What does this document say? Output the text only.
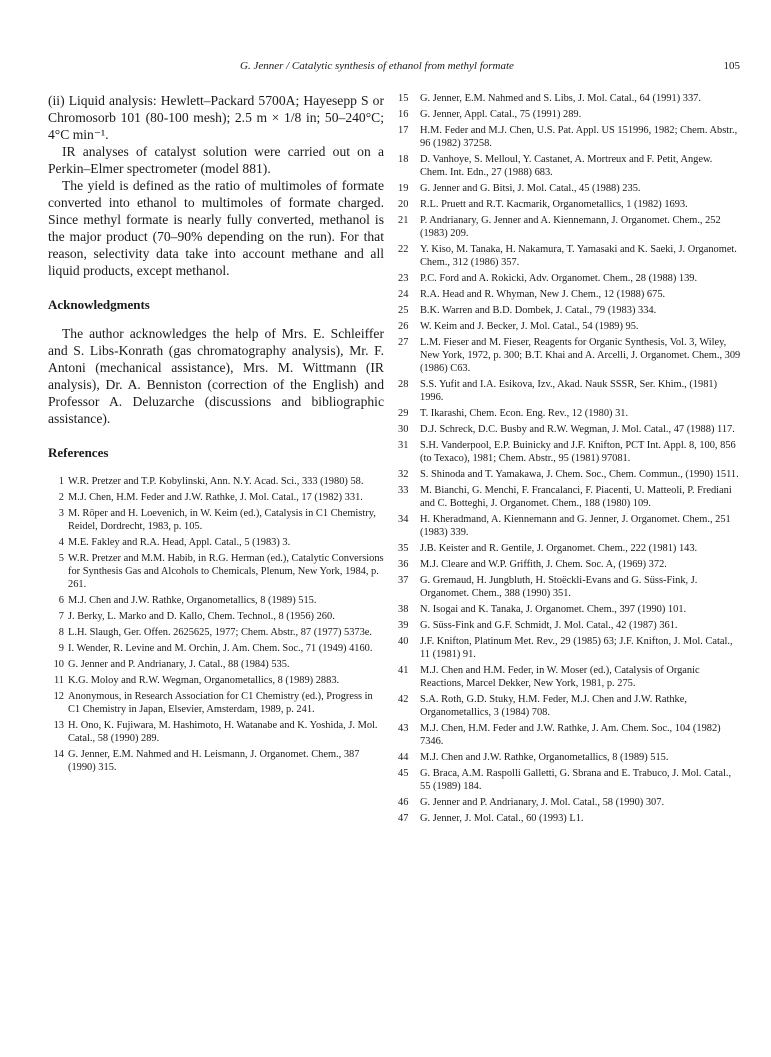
G. Jenner / Catalytic synthesis of ethanol from methyl formate	105

(ii) Liquid analysis: Hewlett–Packard 5700A; Hayesepp S or Chromosorb 101 (80-100 mesh); 2.5 m × 1/8 in; 50–240°C; 4°C min⁻¹.

IR analyses of catalyst solution were carried out on a Perkin–Elmer spectrometer (model 881).

The yield is defined as the ratio of multimoles of formate converted into ethanol to multimoles of formate charged. Since methyl formate is nearly fully converted, methanol is the major product (70–90% depending on the run). For that reason, selectivity data take into account methane and all liquid products, except methanol.

Acknowledgments

The author acknowledges the help of Mrs. E. Schleiffer and S. Libs-Konrath (gas chromatography analysis), Mr. F. Antoni (mechanical assistance), Mrs. M. Wittmann (IR analysis), Dr. A. Benniston (correction of the English) and Professor A. Deluzarche (discussions and bibliographic assistance).

References

1 W.R. Pretzer and T.P. Kobylinski, Ann. N.Y. Acad. Sci., 333 (1980) 58.
2 M.J. Chen, H.M. Feder and J.W. Rathke, J. Mol. Catal., 17 (1982) 331.
3 M. Röper and H. Loevenich, in W. Keim (ed.), Catalysis in C1 Chemistry, Reidel, Dordrecht, 1983, p. 105.
4 M.E. Fakley and R.A. Head, Appl. Catal., 5 (1983) 3.
5 W.R. Pretzer and M.M. Habib, in R.G. Herman (ed.), Catalytic Conversions for Synthesis Gas and Alcohols to Chemicals, Plenum, New York, 1984, p. 261.
6 M.J. Chen and J.W. Rathke, Organometallics, 8 (1989) 515.
7 J. Berky, L. Marko and D. Kallo, Chem. Technol., 8 (1956) 260.
8 L.H. Slaugh, Ger. Offen. 2625625, 1977; Chem. Abstr., 87 (1977) 5373e.
9 I. Wender, R. Levine and M. Orchin, J. Am. Chem. Soc., 71 (1949) 4160.
10 G. Jenner and P. Andrianary, J. Catal., 88 (1984) 535.
11 K.G. Moloy and R.W. Wegman, Organometallics, 8 (1989) 2883.
12 Anonymous, in Research Association for C1 Chemistry (ed.), Progress in C1 Chemistry in Japan, Elsevier, Amsterdam, 1989, p. 241.
13 H. Ono, K. Fujiwara, M. Hashimoto, H. Watanabe and K. Yoshida, J. Mol. Catal., 58 (1990) 289.
14 G. Jenner, E.M. Nahmed and H. Leismann, J. Organomet. Chem., 387 (1990) 315.
15	G. Jenner, E.M. Nahmed and S. Libs, J. Mol. Catal., 64 (1991) 337.
16	G. Jenner, Appl. Catal., 75 (1991) 289.
17	H.M. Feder and M.J. Chen, U.S. Pat. Appl. US 151996, 1982; Chem. Abstr., 96 (1982) 37258.
18	D. Vanhoye, S. Melloul, Y. Castanet, A. Mortreux and F. Petit, Angew. Chem. Int. Edn., 27 (1988) 683.
19	G. Jenner and G. Bitsi, J. Mol. Catal., 45 (1988) 235.
20	R.L. Pruett and R.T. Kacmarik, Organometallics, 1 (1982) 1693.
21	P. Andrianary, G. Jenner and A. Kiennemann, J. Organomet. Chem., 252 (1983) 209.
22	Y. Kiso, M. Tanaka, H. Nakamura, T. Yamasaki and K. Saeki, J. Organomet. Chem., 312 (1986) 357.
23	P.C. Ford and A. Rokicki, Adv. Organomet. Chem., 28 (1988) 139.
24	R.A. Head and R. Whyman, New J. Chem., 12 (1988) 675.
25	B.K. Warren and B.D. Dombek, J. Catal., 79 (1983) 334.
26	W. Keim and J. Becker, J. Mol. Catal., 54 (1989) 95.
27	L.M. Fieser and M. Fieser, Reagents for Organic Synthesis, Vol. 3, Wiley, New York, 1972, p. 300; B.T. Khai and A. Arcelli, J. Organomet. Chem., 309 (1986) C63.
28	S.S. Yufit and I.A. Esikova, Izv., Akad. Nauk SSSR, Ser. Khim., (1981) 1996.
29	T. Ikarashi, Chem. Econ. Eng. Rev., 12 (1980) 31.
30	D.J. Schreck, D.C. Busby and R.W. Wegman, J. Mol. Catal., 47 (1988) 117.
31	S.H. Vanderpool, E.P. Buinicky and J.F. Knifton, PCT Int. Appl. 8, 100, 856 (to Texaco), 1981; Chem. Abstr., 95 (1981) 97081.
32	S. Shinoda and T. Yamakawa, J. Chem. Soc., Chem. Commun., (1990) 1511.
33	M. Bianchi, G. Menchi, F. Francalanci, F. Piacenti, U. Matteoli, P. Frediani and C. Botteghi, J. Organomet. Chem., 188 (1980) 109.
34	H. Kheradmand, A. Kiennemann and G. Jenner, J. Organomet. Chem., 251 (1983) 339.
35	J.B. Keister and R. Gentile, J. Organomet. Chem., 222 (1981) 143.
36	M.J. Cleare and W.P. Griffith, J. Chem. Soc. A, (1969) 372.
37	G. Gremaud, H. Jungbluth, H. Stoëckli-Evans and G. Süss-Fink, J. Organomet. Chem., 388 (1990) 351.
38	N. Isogai and K. Tanaka, J. Organomet. Chem., 397 (1990) 101.
39	G. Süss-Fink and G.F. Schmidt, J. Mol. Catal., 42 (1987) 361.
40	J.F. Knifton, Platinum Met. Rev., 29 (1985) 63; J.F. Knifton, J. Mol. Catal., 11 (1981) 91.
41	M.J. Chen and H.M. Feder, in W. Moser (ed.), Catalysis of Organic Reactions, Marcel Dekker, New York, 1981, p. 275.
42	S.A. Roth, G.D. Stuky, H.M. Feder, M.J. Chen and J.W. Rathke, Organometallics, 3 (1984) 708.
43	M.J. Chen, H.M. Feder and J.W. Rathke, J. Am. Chem. Soc., 104 (1982) 7346.
44	M.J. Chen and J.W. Rathke, Organometallics, 8 (1989) 515.
45	G. Braca, A.M. Raspolli Galletti, G. Sbrana and E. Trabuco, J. Mol. Catal., 55 (1989) 184.
46	G. Jenner and P. Andrianary, J. Mol. Catal., 58 (1990) 307.
47	G. Jenner, J. Mol. Catal., 60 (1993) L1.
